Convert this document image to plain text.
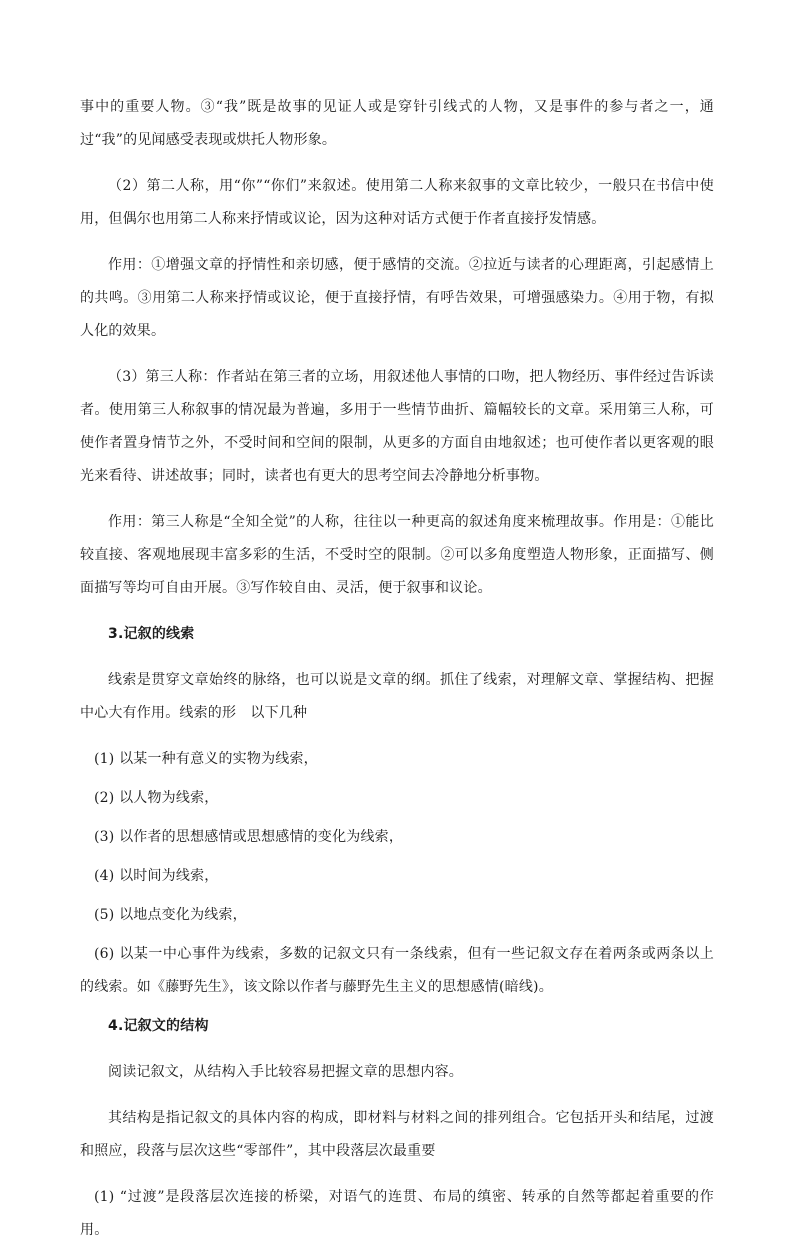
事中的重要人物。③“我”既是故事的见证人或是穿针引线式的人物，又是事件的参与者之一，通过“我”的见闻感受表现或烘托人物形象。

（2）第二人称，用“你”“你们”来叙述。使用第二人称来叙事的文章比较少，一般只在书信中使用，但偶尔也用第二人称来抒情或议论，因为这种对话方式便于作者直接抒发情感。

作用：①增强文章的抒情性和亲切感，便于感情的交流。②拉近与读者的心理距离，引起感情上的共鸣。③用第二人称来抒情或议论，便于直接抒情，有呼告效果，可增强感染力。④用于物，有拟人化的效果。

（3）第三人称：作者站在第三者的立场，用叙述他人事情的口吻，把人物经历、事件经过告诉读者。使用第三人称叙事的情况最为普遍，多用于一些情节曲折、篇幅较长的文章。采用第三人称，可使作者置身情节之外，不受时间和空间的限制，从更多的方面自由地叙述；也可使作者以更客观的眼光来看待、讲述故事；同时，读者也有更大的思考空间去冷静地分析事物。

作用：第三人称是“全知全觉”的人称，往往以一种更高的叙述角度来梳理故事。作用是：①能比较直接、客观地展现丰富多彩的生活，不受时空的限制。②可以多角度塑造人物形象，正面描写、侧面描写等均可自由开展。③写作较自由、灵活，便于叙事和议论。

3.记叙的线索

线索是贯穿文章始终的脉络，也可以说是文章的纲。抓住了线索，对理解文章、掌握结构、把握中心大有作用。线索的形　以下几种

(1) 以某一种有意义的实物为线索，

(2) 以人物为线索，

(3) 以作者的思想感情或思想感情的变化为线索，

(4) 以时间为线索，

(5) 以地点变化为线索，

(6) 以某一中心事件为线索，多数的记叙文只有一条线索，但有一些记叙文存在着两条或两条以上的线索。如《藤野先生》，该文除以作者与藤野先生主义的思想感情(暗线)。

4.记叙文的结构

阅读记叙文，从结构入手比较容易把握文章的思想内容。

其结构是指记叙文的具体内容的构成，即材料与材料之间的排列组合。它包括开头和结尾，过渡和照应，段落与层次这些“零部件”，其中段落层次最重要

(1) “过渡”是段落层次连接的桥梁，对语气的连贯、布局的缜密、转承的自然等都起着重要的作用。
